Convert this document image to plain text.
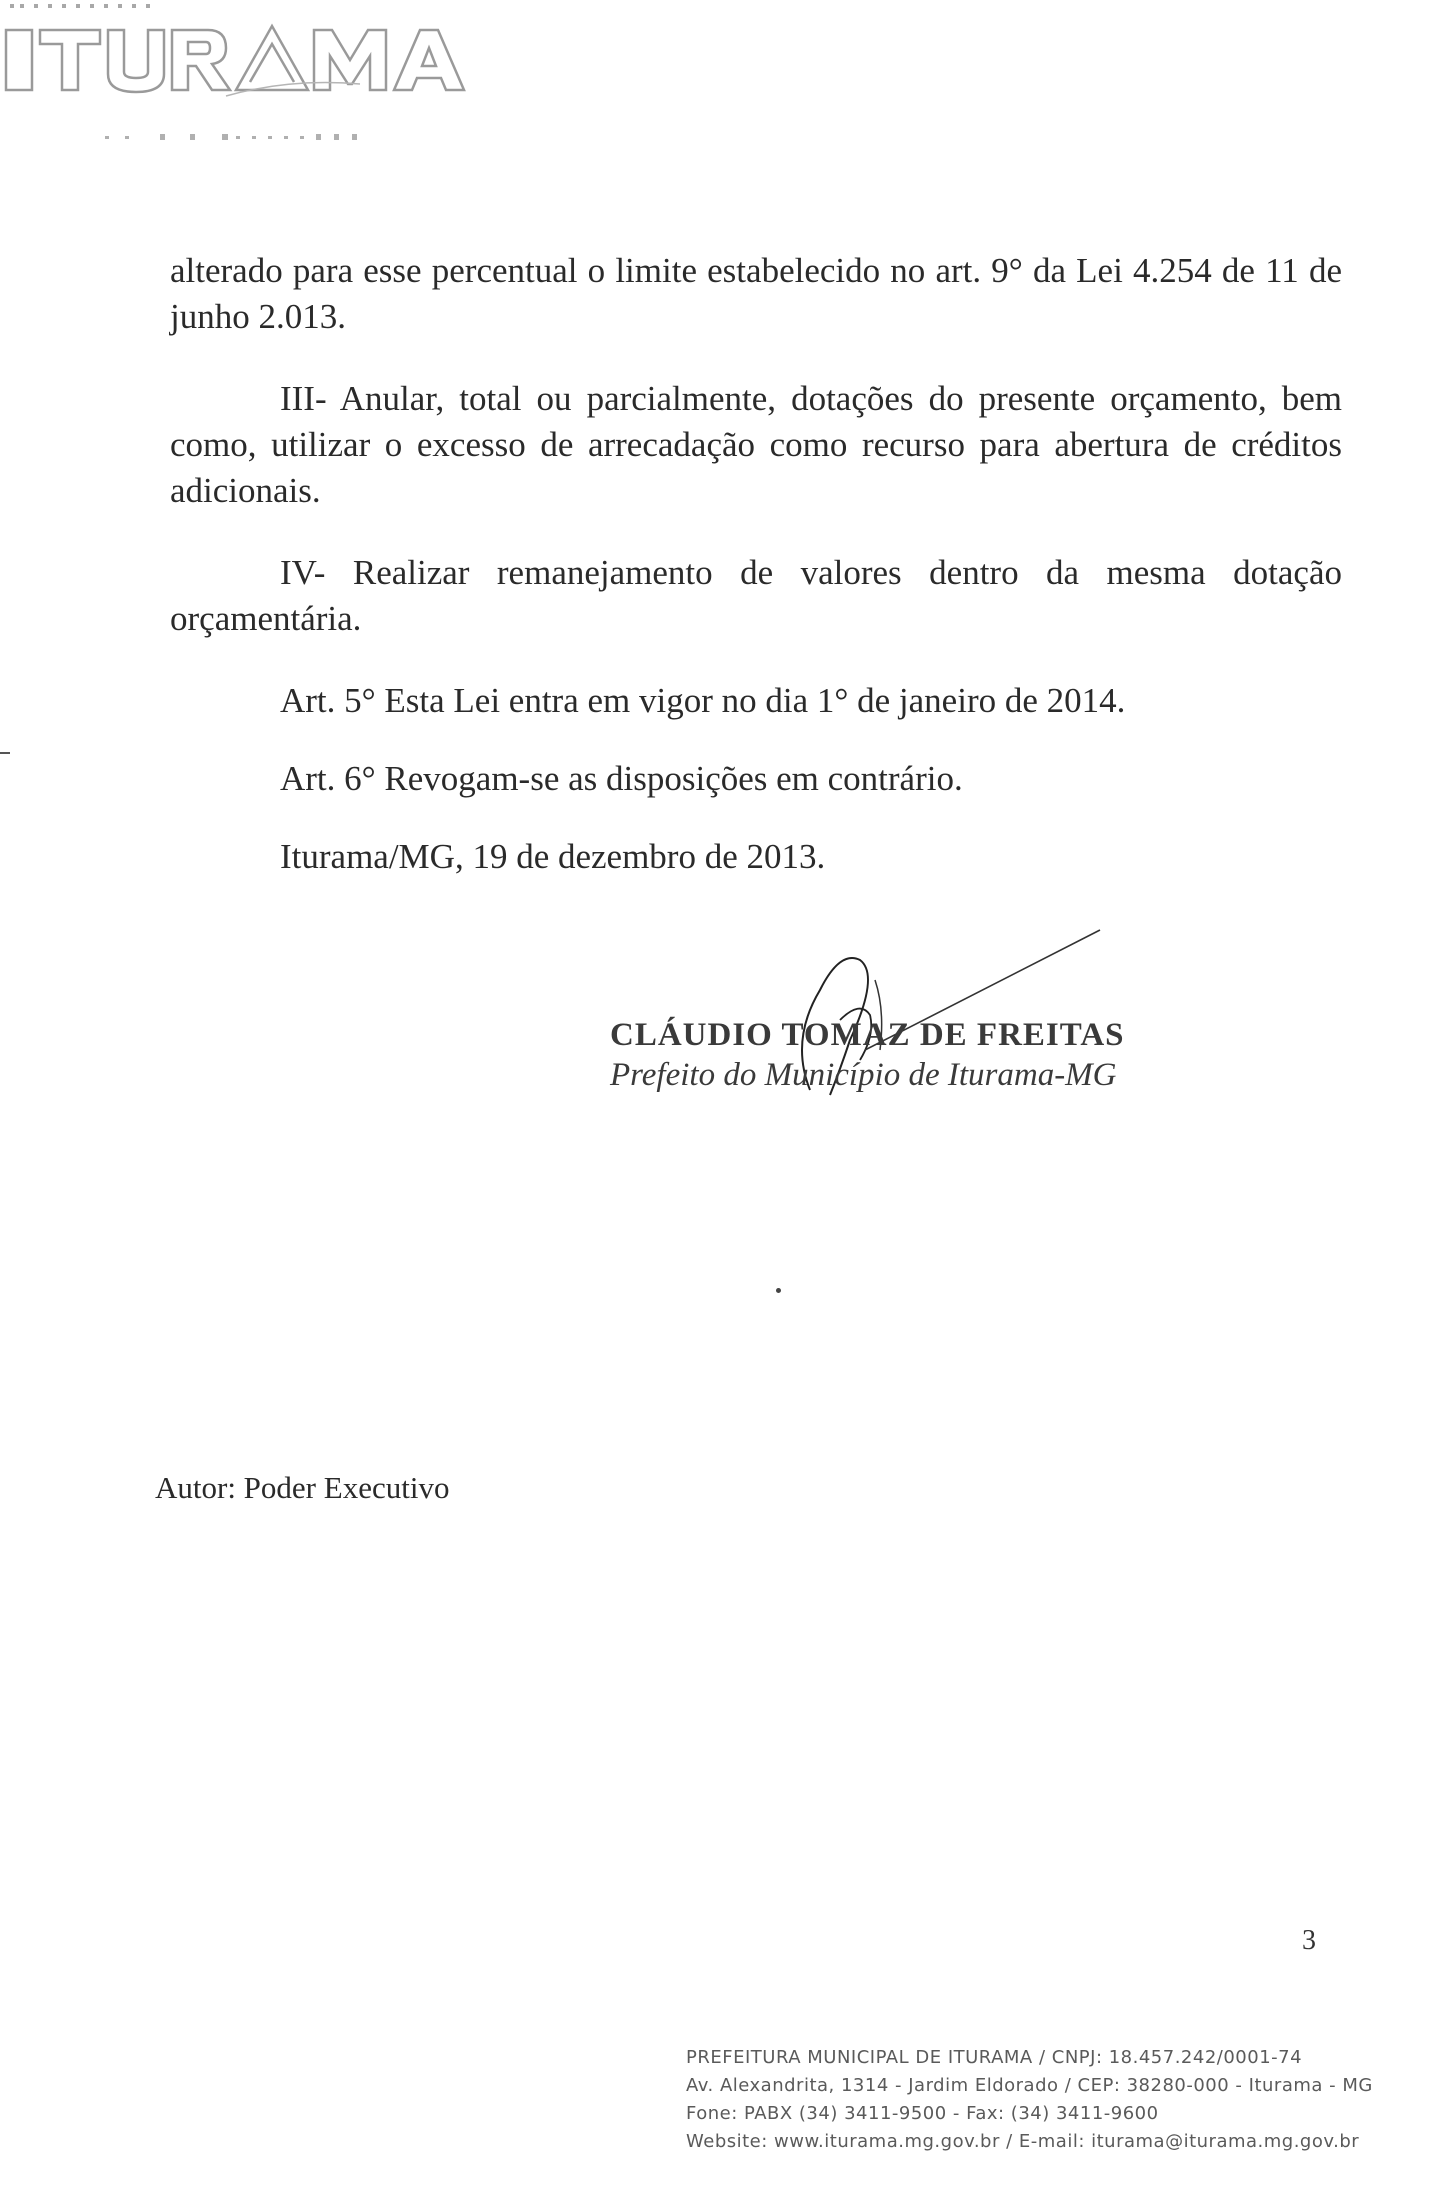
alterado para esse percentual o limite estabelecido no art. 9° da Lei 4.254 de 11 de junho 2.013.

III- Anular, total ou parcialmente, dotações do presente orçamento, bem como, utilizar o excesso de arrecadação como recurso para abertura de créditos adicionais.

IV- Realizar remanejamento de valores dentro da mesma dotação orçamentária.

Art. 5° Esta Lei entra em vigor no dia 1° de janeiro de 2014.

Art. 6° Revogam-se as disposições em contrário.

Iturama/MG, 19 de dezembro de 2013.

CLÁUDIO TOMAZ DE FREITAS
Prefeito do Município de Iturama-MG
Autor: Poder Executivo
3
PREFEITURA MUNICIPAL DE ITURAMA / CNPJ: 18.457.242/0001-74
Av. Alexandrita, 1314 - Jardim Eldorado / CEP: 38280-000 - Iturama - MG
Fone: PABX (34) 3411-9500 - Fax: (34) 3411-9600
Website: www.iturama.mg.gov.br / E-mail: iturama@iturama.mg.gov.br
